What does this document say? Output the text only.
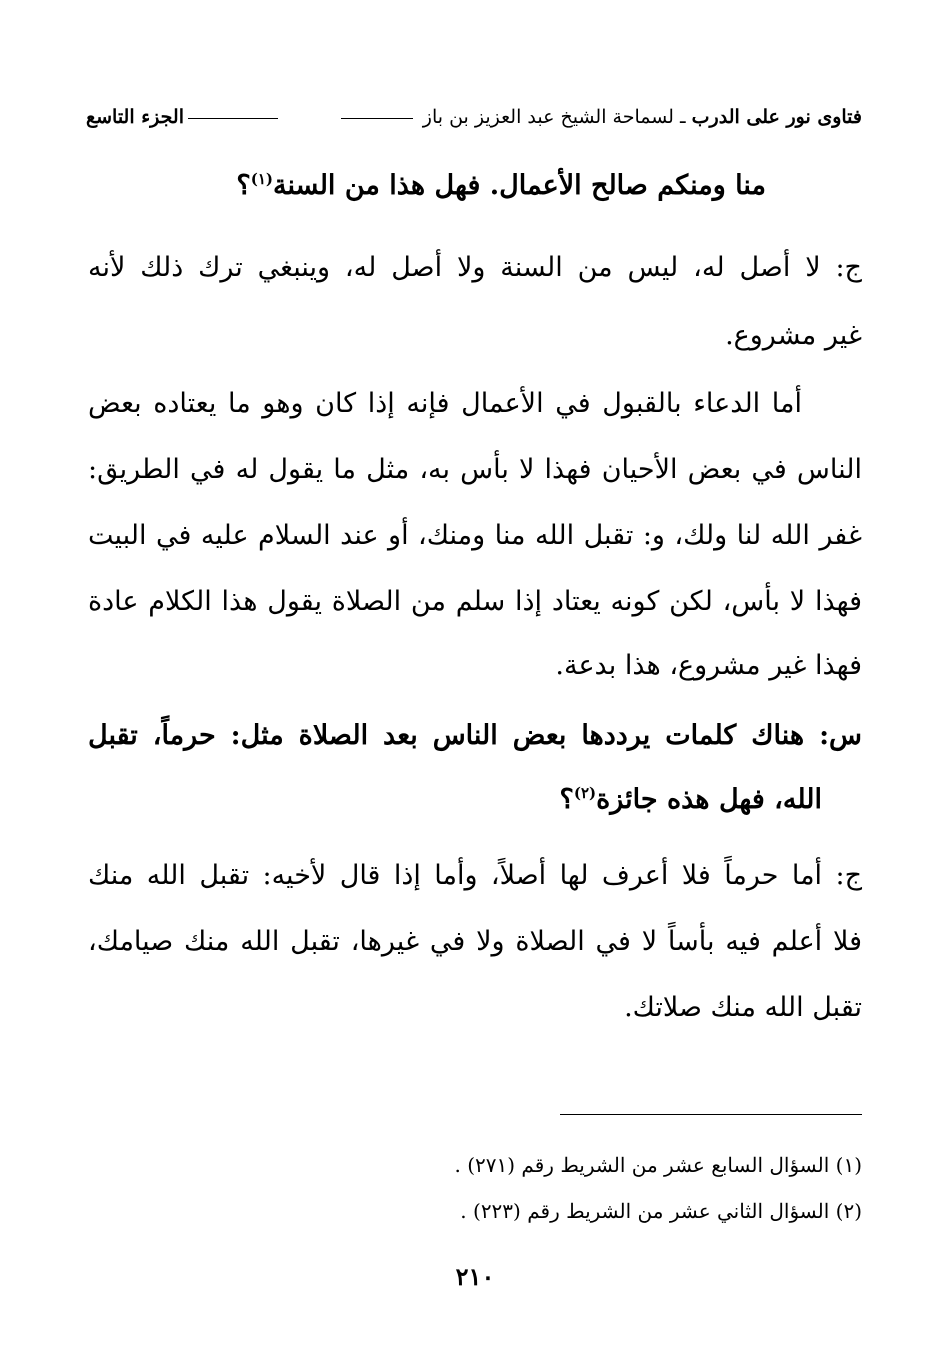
فتاوى نور على الدرب ـ لسماحة الشيخ عبد العزيز بن باز
الجزء التاسع
منا ومنكم صالح الأعمال. فهل هذا من السنة$^{(١)}$؟
ج: لا أصل له، ليس من السنة ولا أصل له، وينبغي ترك ذلك لأنه
غير مشروع.
أما الدعاء بالقبول في الأعمال فإنه إذا كان وهو ما يعتاده بعض
الناس في بعض الأحيان فهذا لا بأس به، مثل ما يقول له في الطريق:
غفر الله لنا ولك، و: تقبل الله منا ومنك، أو عند السلام عليه في البيت
فهذا لا بأس، لكن كونه يعتاد إذا سلم من الصلاة يقول هذا الكلام عادة
فهذا غير مشروع، هذا بدعة.
س: هناك كلمات يرددها بعض الناس بعد الصلاة مثل: حرماً، تقبل
الله، فهل هذه جائزة$^{(٢)}$؟
ج: أما حرماً فلا أعرف لها أصلاً، وأما إذا قال لأخيه: تقبل الله منك
فلا أعلم فيه بأساً لا في الصلاة ولا في غيرها، تقبل الله منك صيامك،
تقبل الله منك صلاتك.
(١) السؤال السابع عشر من الشريط رقم (٢٧١) .
(٢) السؤال الثاني عشر من الشريط رقم (٢٢٣) .
٢١٠
